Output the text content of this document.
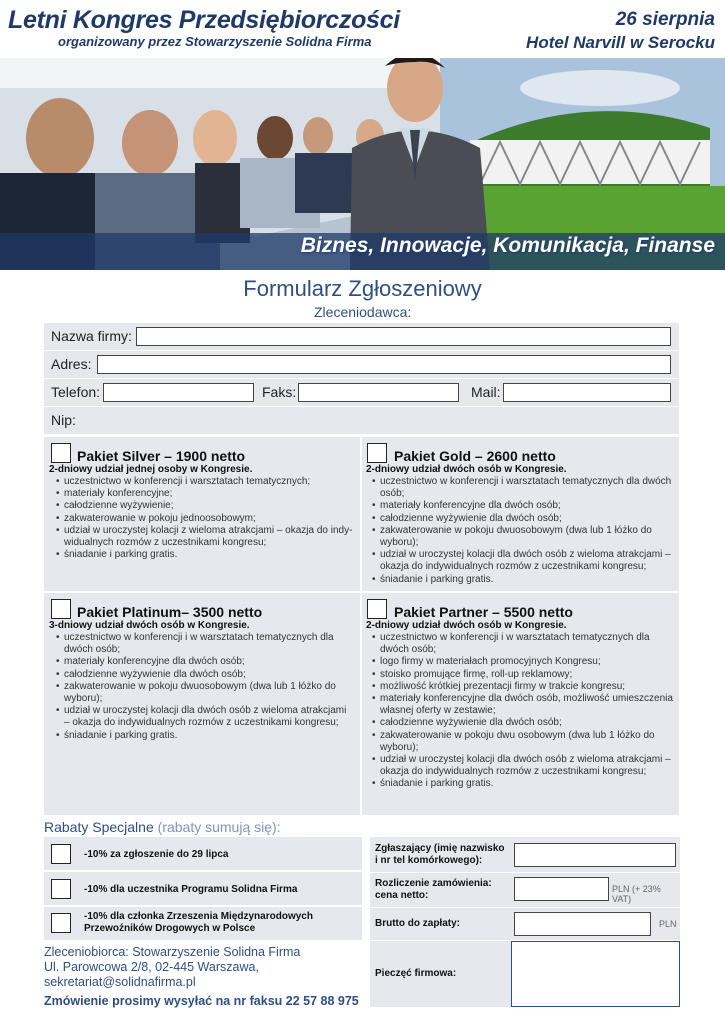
Letni Kongres Przedsiębiorczości
organizowany przez Stowarzyszenie Solidna Firma
26 sierpnia
Hotel Narvill w Serocku
Biznes, Innowacje, Komunikacja, Finanse
Formularz Zgłoszeniowy
Zleceniodawca:
Nazwa firmy:
Adres:
Telefon:	Faks:	Mail:
Nip:
Pakiet Silver – 1900 netto
2-dniowy udział jednej osoby w Kongresie.
• uczestnictwo w konferencji i warsztatach tematycznych;
• materiały konferencyjne;
• całodzienne wyżywienie;
• zakwaterowanie w pokoju jednoosobowym;
• udział w uroczystej kolacji z wieloma atrakcjami – okazja do indy-widualnych rozmów z uczestnikami kongresu;
• śniadanie i parking gratis.
Pakiet Gold – 2600 netto
2-dniowy udział dwóch osób w Kongresie.
• uczestnictwo w konferencji i warsztatach tematycznych dla dwóch osób;
• materiały konferencyjne dla dwóch osób;
• całodzienne wyżywienie dla dwóch osób;
• zakwaterowanie w pokoju dwuosobowym (dwa lub 1 łóżko do wyboru);
• udział w uroczystej kolacji dla dwóch osób z wieloma atrakcjami – okazja do indywidualnych rozmów z uczestnikami kongresu;
• śniadanie i parking gratis.
Pakiet Platinum– 3500 netto
3-dniowy udział dwóch osób w Kongresie.
• uczestnictwo w konferencji i w warsztatach tematycznych dla dwóch osób;
• materiały konferencyjne dla dwóch osób;
• całodzienne wyżywienie dla dwóch osób;
• zakwaterowanie w pokoju dwuosobowym (dwa lub 1 łóżko do wyboru);
• udział w uroczystej kolacji dla dwóch osób z wieloma atrakcjami – okazja do indywidualnych rozmów z uczestnikami kongresu;
• śniadanie i parking gratis.
Pakiet Partner – 5500 netto
2-dniowy udział dwóch osób w Kongresie.
• uczestnictwo w konferencji i w warsztatach tematycznych dla dwóch osób;
• logo firmy w materiałach promocyjnych Kongresu;
• stoisko promujące firmę, roll-up reklamowy;
• możliwość krótkiej prezentacji firmy w trakcie kongresu;
• materiały konferencyjne dla dwóch osób, możliwość umieszczenia własnej oferty w zestawie;
• całodzienne wyżywienie dla dwóch osób;
• zakwaterowanie w pokoju dwu osobowym (dwa lub 1 łóżko do wyboru);
• udział w uroczystej kolacji dla dwóch osób z wieloma atrakcjami – okazja do indywidualnych rozmów z uczestnikami kongresu;
• śniadanie i parking gratis.
Rabaty Specjalne (rabaty sumują się):
-10% za zgłoszenie do 29 lipca
-10% dla uczestnika Programu Solidna Firma
-10% dla członka Zrzeszenia Międzynarodowych Przewoźników Drogowych w Polsce
Zgłaszający (imię nazwisko i nr tel komórkowego):
Rozliczenie zamówienia: cena netto:
PLN (+ 23% VAT)
Brutto do zapłaty:	PLN
Pieczęć firmowa:
Zleceniobiorca: Stowarzyszenie Solidna Firma
Ul. Parowcowa 2/8, 02-445 Warszawa,
sekretariat@solidnafirma.pl
Zmówienie prosimy wysyłać na nr faksu 22 57 88 975
